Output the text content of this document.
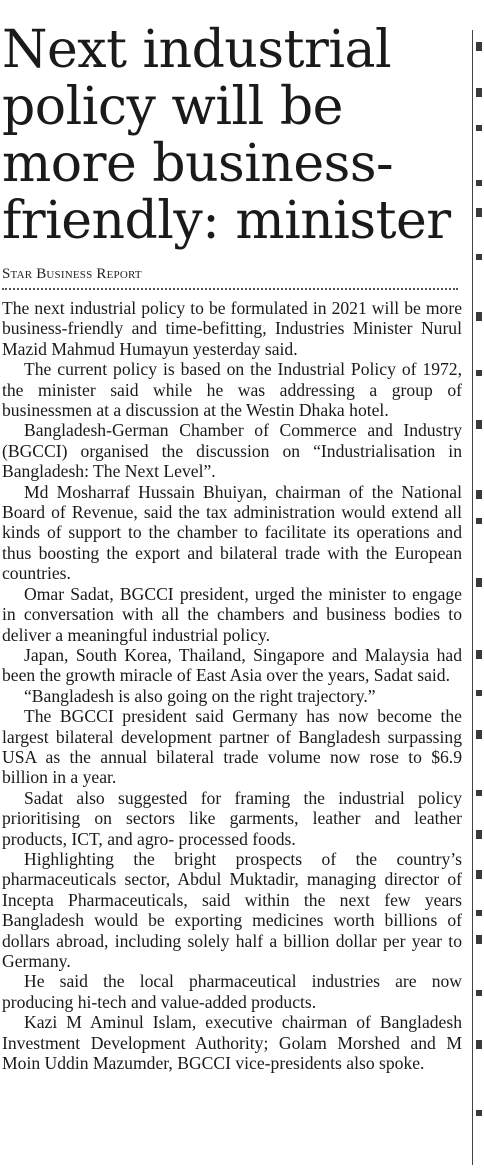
Next industrial policy will be more business-friendly: minister
Star Business Report

The next industrial policy to be formulated in 2021 will be more business-friendly and time-befitting, Industries Minister Nurul Mazid Mahmud Humayun yesterday said.

The current policy is based on the Industrial Policy of 1972, the minister said while he was addressing a group of businessmen at a discussion at the Westin Dhaka hotel.

Bangladesh-German Chamber of Commerce and Industry (BGCCI) organised the discussion on “Industrialisation in Bangladesh: The Next Level”.

Md Mosharraf Hussain Bhuiyan, chairman of the National Board of Revenue, said the tax administration would extend all kinds of support to the chamber to facilitate its operations and thus boosting the export and bilateral trade with the European countries.

Omar Sadat, BGCCI president, urged the minister to engage in conversation with all the chambers and business bodies to deliver a meaningful industrial policy.

Japan, South Korea, Thailand, Singapore and Malaysia had been the growth miracle of East Asia over the years, Sadat said.

“Bangladesh is also going on the right trajectory.”

The BGCCI president said Germany has now become the largest bilateral development partner of Bangladesh surpassing USA as the annual bilateral trade volume now rose to $6.9 billion in a year.

Sadat also suggested for framing the industrial policy prioritising on sectors like garments, leather and leather products, ICT, and agro- processed foods.

Highlighting the bright prospects of the country’s pharmaceuticals sector, Abdul Muktadir, managing director of Incepta Pharmaceuticals, said within the next few years Bangladesh would be exporting medicines worth billions of dollars abroad, including solely half a billion dollar per year to Germany.

He said the local pharmaceutical industries are now producing hi-tech and value-added products.

Kazi M Aminul Islam, executive chairman of Bangladesh Investment Development Authority; Golam Morshed and M Moin Uddin Mazumder, BGCCI vice-presidents also spoke.
